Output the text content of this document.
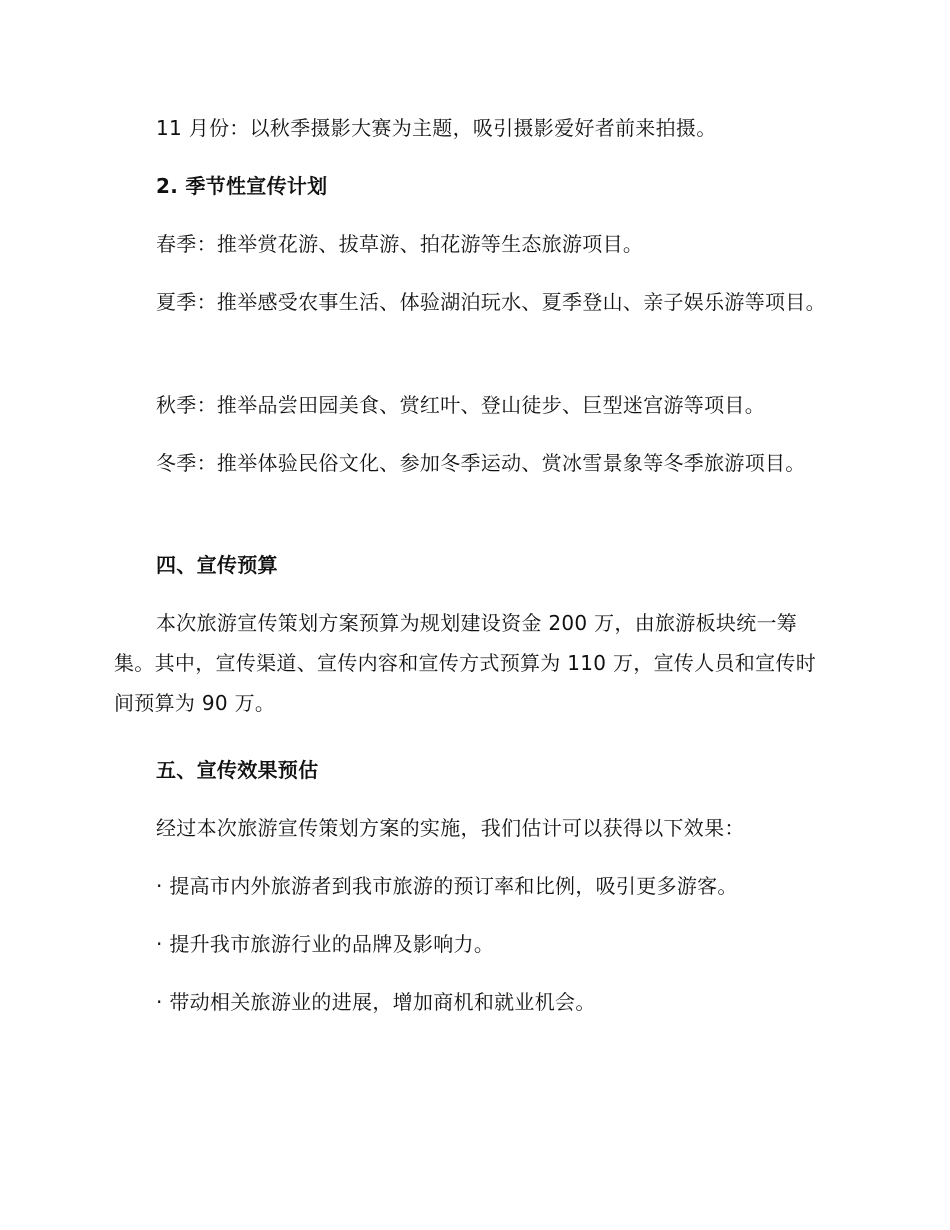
11 月份：以秋季摄影大赛为主题，吸引摄影爱好者前来拍摄。

2. 季节性宣传计划

春季：推举赏花游、拔草游、拍花游等生态旅游项目。

夏季：推举感受农事生活、体验湖泊玩水、夏季登山、亲子娱乐游等项目。

秋季：推举品尝田园美食、赏红叶、登山徒步、巨型迷宫游等项目。

冬季：推举体验民俗文化、参加冬季运动、赏冰雪景象等冬季旅游项目。

四、宣传预算

本次旅游宣传策划方案预算为规划建设资金 200 万，由旅游板块统一筹集。其中，宣传渠道、宣传内容和宣传方式预算为 110 万，宣传人员和宣传时间预算为 90 万。

五、宣传效果预估

经过本次旅游宣传策划方案的实施，我们估计可以获得以下效果：

· 提高市内外旅游者到我市旅游的预订率和比例，吸引更多游客。

· 提升我市旅游行业的品牌及影响力。

· 带动相关旅游业的进展，增加商机和就业机会。
